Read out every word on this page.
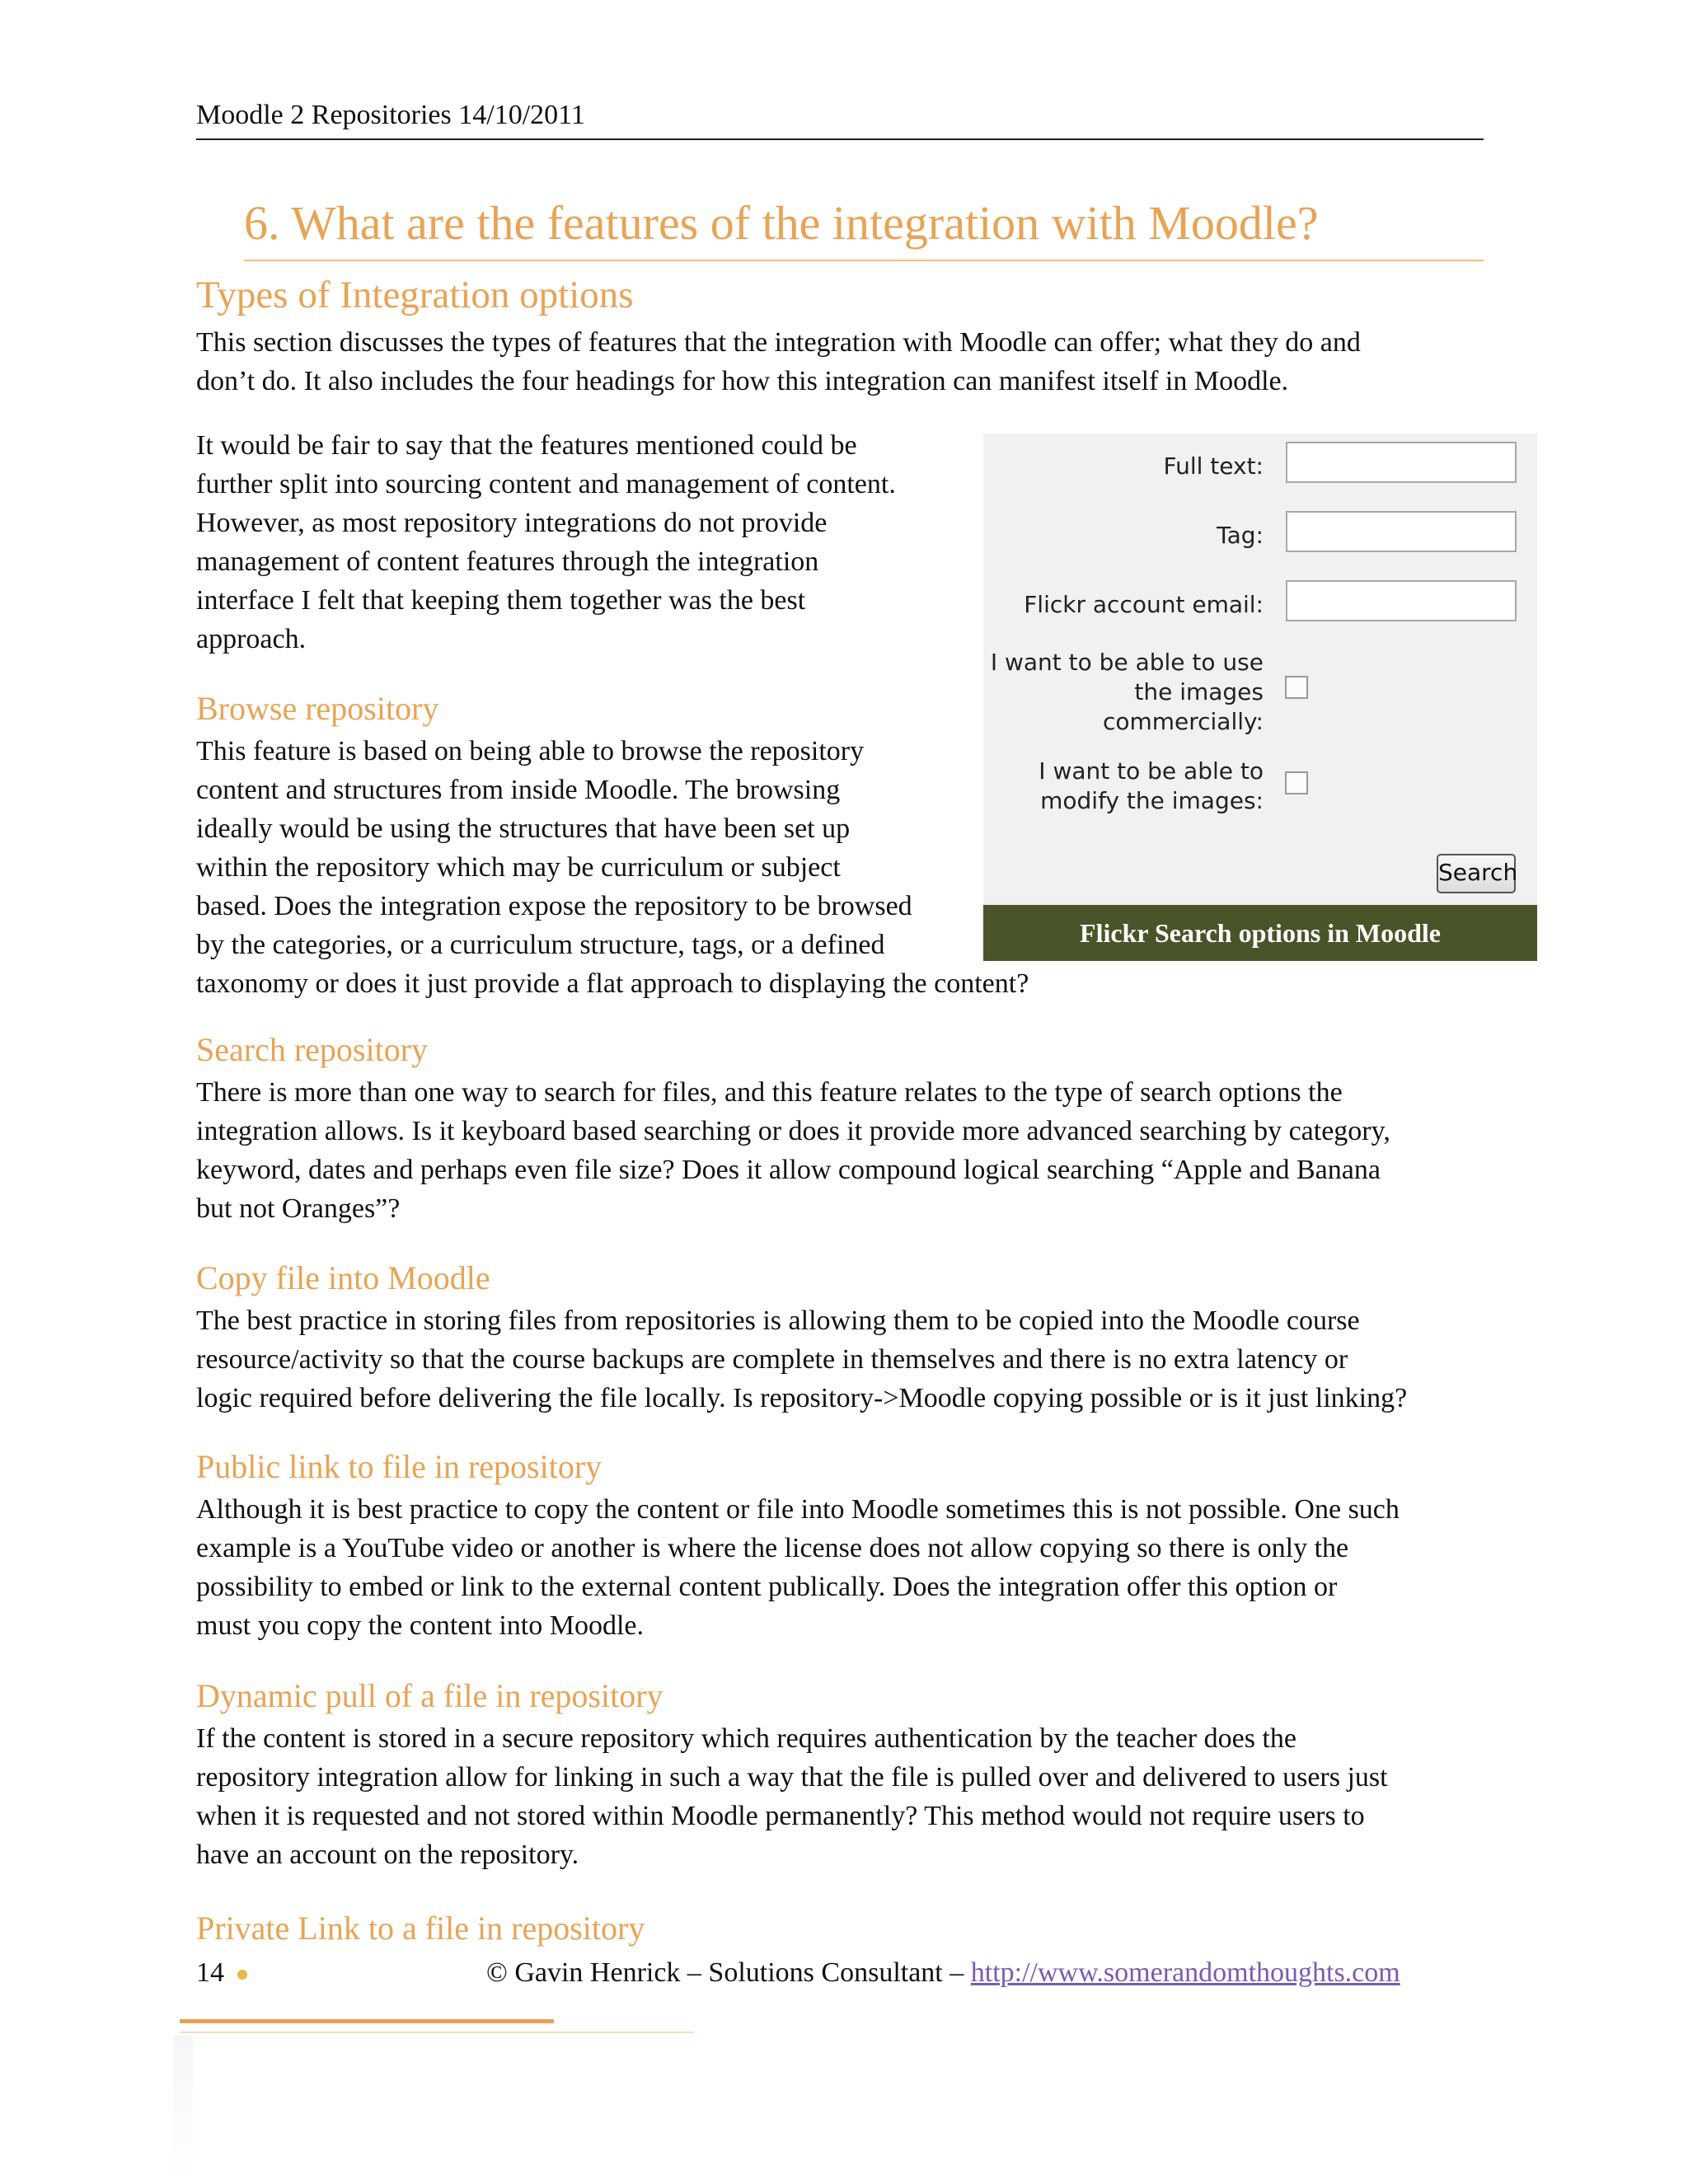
Moodle 2 Repositories 14/10/2011
6. What are the features of the integration with Moodle?
Types of Integration options

This section discusses the types of features that the integration with Moodle can offer; what they do and

don’t do. It also includes the four headings for how this integration can manifest itself in Moodle.

It would be fair to say that the features mentioned could be

further split into sourcing content and management of content.

However, as most repository integrations do not provide

management of content features through the integration

interface I felt that keeping them together was the best

approach.

Browse repository

This feature is based on being able to browse the repository

content and structures from inside Moodle. The browsing

ideally would be using the structures that have been set up

within the repository which may be curriculum or subject

based. Does the integration expose the repository to be browsed

by the categories, or a curriculum structure, tags, or a defined

taxonomy or does it just provide a flat approach to displaying the content?

Full text:
Tag:
Flickr account email:
I want to be able to use
the images
commercially:
I want to be able to
modify the images:
Search
Flickr Search options in Moodle
Search repository

There is more than one way to search for files, and this feature relates to the type of search options the

integration allows. Is it keyboard based searching or does it provide more advanced searching by category,

keyword, dates and perhaps even file size? Does it allow compound logical searching “Apple and Banana

but not Oranges”?

Copy file into Moodle

The best practice in storing files from repositories is allowing them to be copied into the Moodle course

resource/activity so that the course backups are complete in themselves and there is no extra latency or

logic required before delivering the file locally. Is repository->Moodle copying possible or is it just linking?

Public link to file in repository

Although it is best practice to copy the content or file into Moodle sometimes this is not possible. One such

example is a YouTube video or another is where the license does not allow copying so there is only the

possibility to embed or link to the external content publically. Does the integration offer this option or

must you copy the content into Moodle.

Dynamic pull of a file in repository

If the content is stored in a secure repository which requires authentication by the teacher does the

repository integration allow for linking in such a way that the file is pulled over and delivered to users just

when it is requested and not stored within Moodle permanently? This method would not require users to

have an account on the repository.

Private Link to a file in repository
14	© Gavin Henrick – Solutions Consultant – http://www.somerandomthoughts.com
